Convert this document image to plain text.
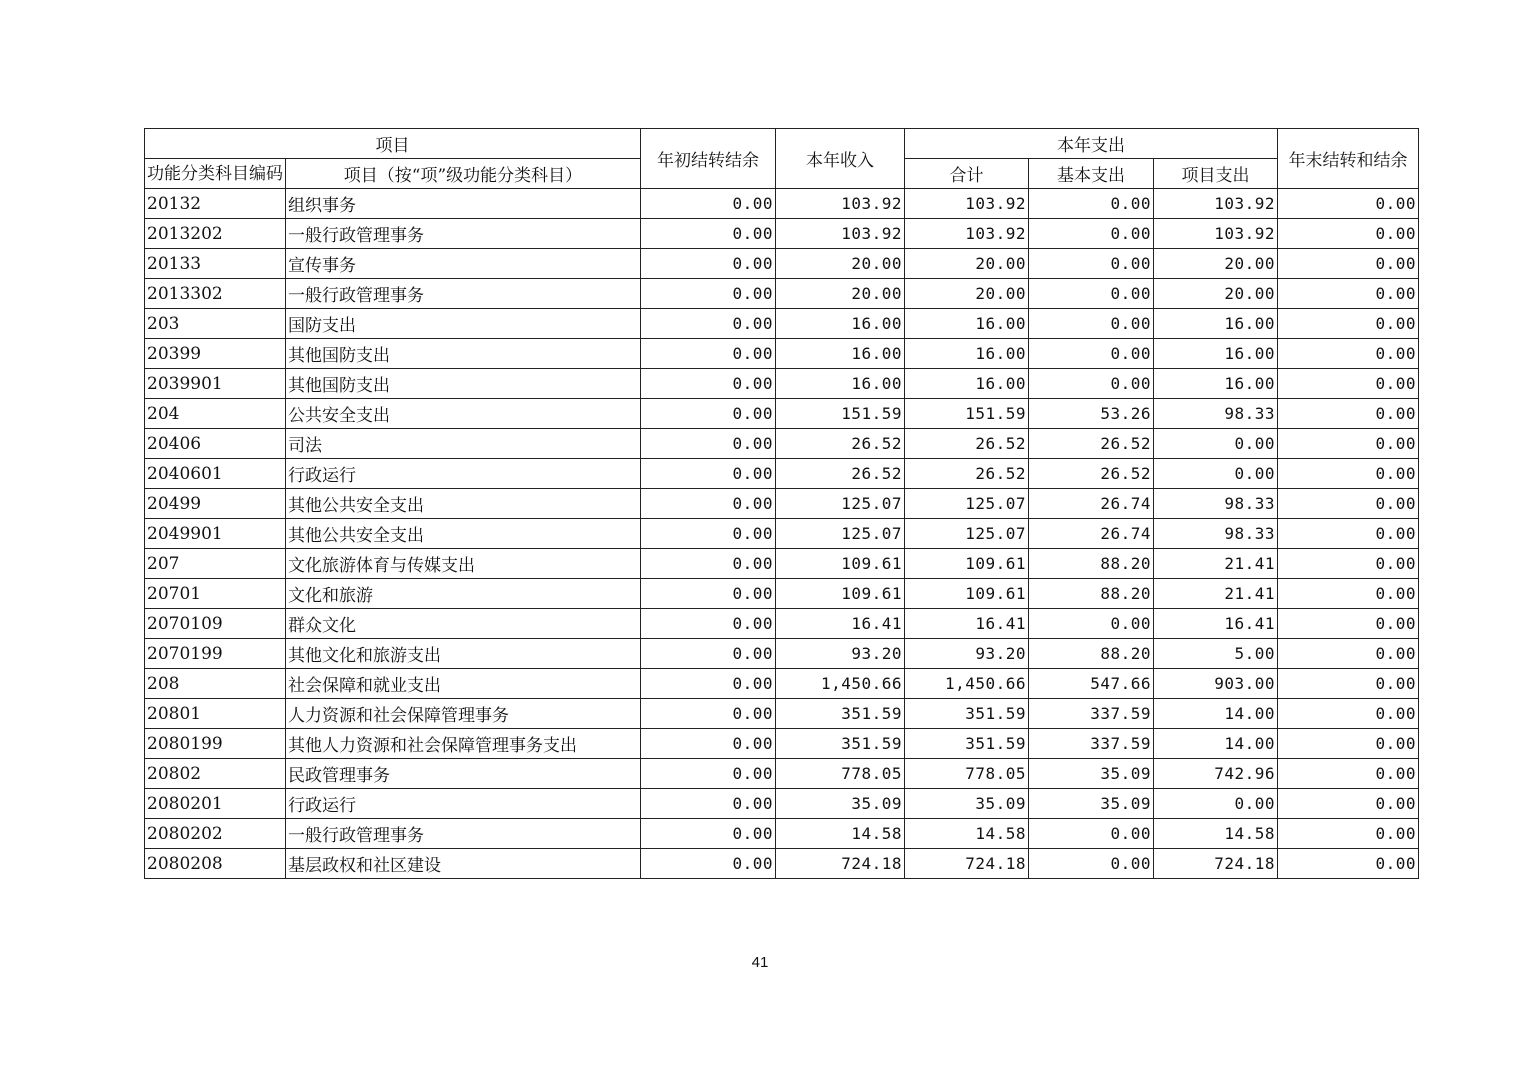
项目		年初结转结余	本年收入	本年支出			年末结转和结余
功能分类科目编码	项目（按“项”级功能分类科目）			合计	基本支出	项目支出	
20132	组织事务	0.00	103.92	103.92	0.00	103.92	0.00
2013202	一般行政管理事务	0.00	103.92	103.92	0.00	103.92	0.00
20133	宣传事务	0.00	20.00	20.00	0.00	20.00	0.00
2013302	一般行政管理事务	0.00	20.00	20.00	0.00	20.00	0.00
203	国防支出	0.00	16.00	16.00	0.00	16.00	0.00
20399	其他国防支出	0.00	16.00	16.00	0.00	16.00	0.00
2039901	其他国防支出	0.00	16.00	16.00	0.00	16.00	0.00
204	公共安全支出	0.00	151.59	151.59	53.26	98.33	0.00
20406	司法	0.00	26.52	26.52	26.52	0.00	0.00
2040601	行政运行	0.00	26.52	26.52	26.52	0.00	0.00
20499	其他公共安全支出	0.00	125.07	125.07	26.74	98.33	0.00
2049901	其他公共安全支出	0.00	125.07	125.07	26.74	98.33	0.00
207	文化旅游体育与传媒支出	0.00	109.61	109.61	88.20	21.41	0.00
20701	文化和旅游	0.00	109.61	109.61	88.20	21.41	0.00
2070109	群众文化	0.00	16.41	16.41	0.00	16.41	0.00
2070199	其他文化和旅游支出	0.00	93.20	93.20	88.20	5.00	0.00
208	社会保障和就业支出	0.00	1,450.66	1,450.66	547.66	903.00	0.00
20801	人力资源和社会保障管理事务	0.00	351.59	351.59	337.59	14.00	0.00
2080199	其他人力资源和社会保障管理事务支出	0.00	351.59	351.59	337.59	14.00	0.00
20802	民政管理事务	0.00	778.05	778.05	35.09	742.96	0.00
2080201	行政运行	0.00	35.09	35.09	35.09	0.00	0.00
2080202	一般行政管理事务	0.00	14.58	14.58	0.00	14.58	0.00
2080208	基层政权和社区建设	0.00	724.18	724.18	0.00	724.18	0.00
41
